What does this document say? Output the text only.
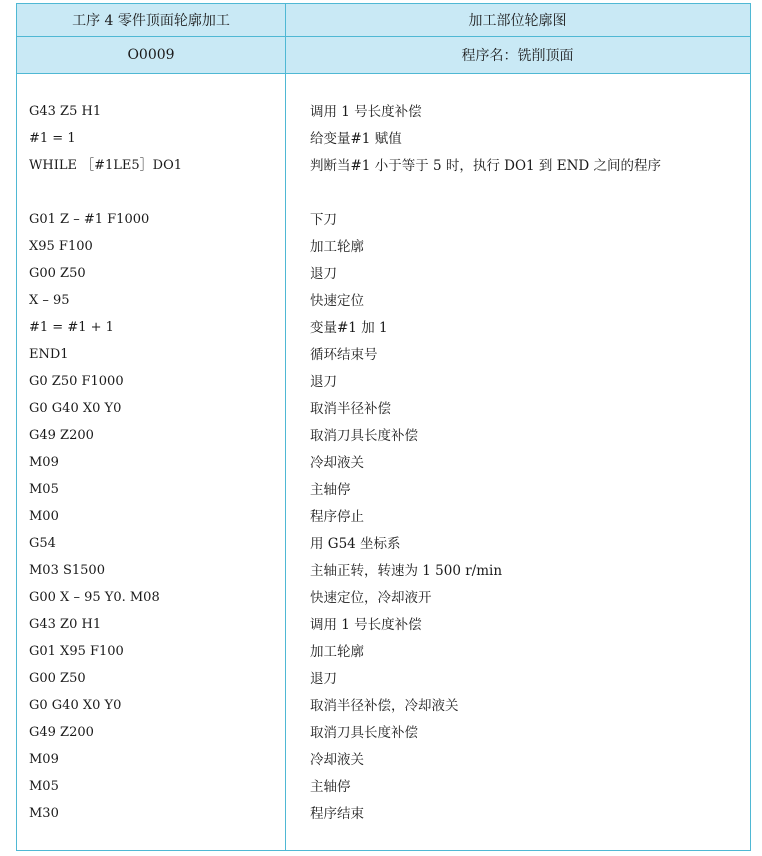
工序 4 零件顶面轮廓加工	加工部位轮廓图
O0009	程序名：铣削顶面
G43 Z5 H1	调用 1 号长度补偿
#1 = 1	给变量#1 赋值
WHILE ［#1LE5］DO1	判断当#1 小于等于 5 时，执行 DO1 到 END 之间的程序
G01 Z – #1 F1000	下刀
X95 F100	加工轮廓
G00 Z50	退刀
X – 95	快速定位
#1 = #1 + 1	变量#1 加 1
END1	循环结束号
G0 Z50 F1000	退刀
G0 G40 X0 Y0	取消半径补偿
G49 Z200	取消刀具长度补偿
M09	冷却液关
M05	主轴停
M00	程序停止
G54	用 G54 坐标系
M03 S1500	主轴正转，转速为 1 500 r/min
G00 X – 95 Y0. M08	快速定位，冷却液开
G43 Z0 H1	调用 1 号长度补偿
G01 X95 F100	加工轮廓
G00 Z50	退刀
G0 G40 X0 Y0	取消半径补偿，冷却液关
G49 Z200	取消刀具长度补偿
M09	冷却液关
M05	主轴停
M30	程序结束
